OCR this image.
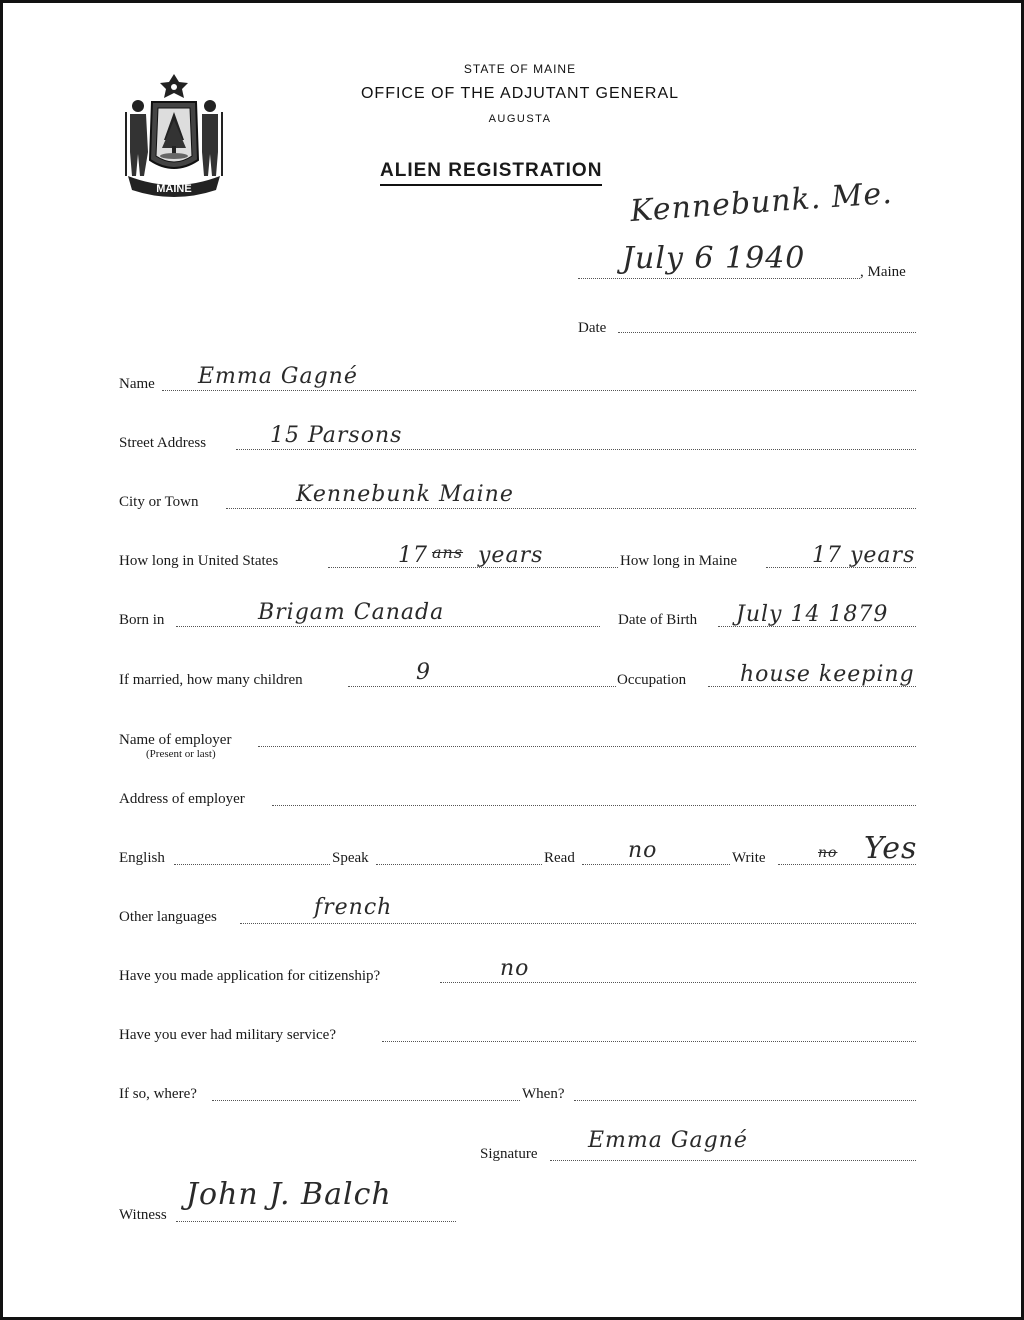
MAINE
STATE OF MAINE
OFFICE OF THE ADJUTANT GENERAL
AUGUSTA
ALIEN REGISTRATION
Kennebunk. Me.
July 6 1940	, Maine
Date
Name Emma Gagné
Street Address	15 Parsons
City or Town	Kennebunk Maine
How long in United States	17 ans years	How long in Maine	17 years
Born in	Brigam Canada	Date of Birth July 14 1879
If married, how many children	9	Occupation house keeping
Name of employer
(Present or last)
Address of employer
English	Speak	Read no	Write	no Yes
Other languages	french
Have you made application for citizenship?	no
Have you ever had military service?
If so, where?	When?
Signature
Emma Gagné
Witness
John J. Balch
